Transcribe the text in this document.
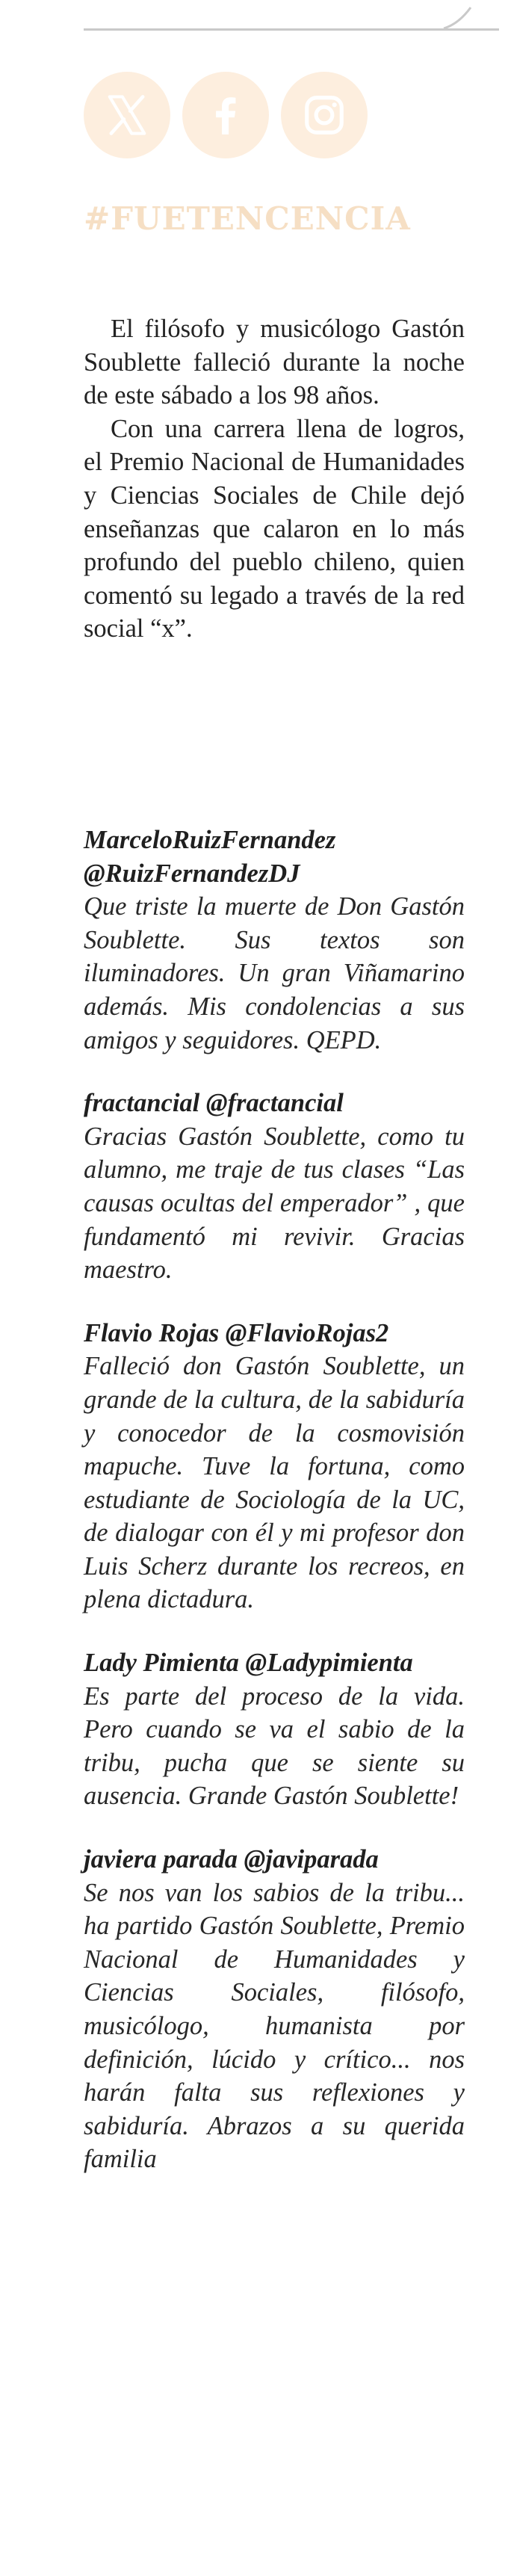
#FUETENCENCIA

El filósofo y musicólogo Gastón Soublette falleció durante la noche de este sábado a los 98 años.

Con una carrera llena de logros, el Premio Nacional de Humanidades y Ciencias Sociales de Chile dejó enseñanzas que calaron en lo más profundo del pueblo chileno, quien comentó su legado a través de la red social “x”.

MarceloRuizFernandez @RuizFernandezDJ

Que triste la muerte de Don Gastón Soublette. Sus textos son iluminadores. Un gran Viñamarino además. Mis condolencias a sus amigos y seguidores. QEPD.

fractancial @fractancial

Gracias Gastón Soublette, como tu alumno, me traje de tus clases “Las causas ocultas del emperador” , que fundamentó mi revivir. Gracias maestro.

Flavio Rojas @FlavioRojas2

Falleció don Gastón Soublette, un grande de la cultura, de la sabiduría y conocedor de la cosmovisión mapuche. Tuve la fortuna, como estudiante de Sociología de la UC, de dialogar con él y mi profesor don Luis Scherz durante los recreos, en plena dictadura.

Lady Pimienta @Ladypimienta

Es parte del proceso de la vida. Pero cuando se va el sabio de la tribu, pucha que se siente su ausencia. Grande Gastón Soublette!

javiera parada @javiparada

Se nos van los sabios de la tribu... ha partido Gastón Soublette, Premio Nacional de Humanidades y Ciencias Sociales, filósofo, musicólogo, humanista por definición, lúcido y crítico... nos harán falta sus reflexiones y sabiduría. Abrazos a su querida familia
